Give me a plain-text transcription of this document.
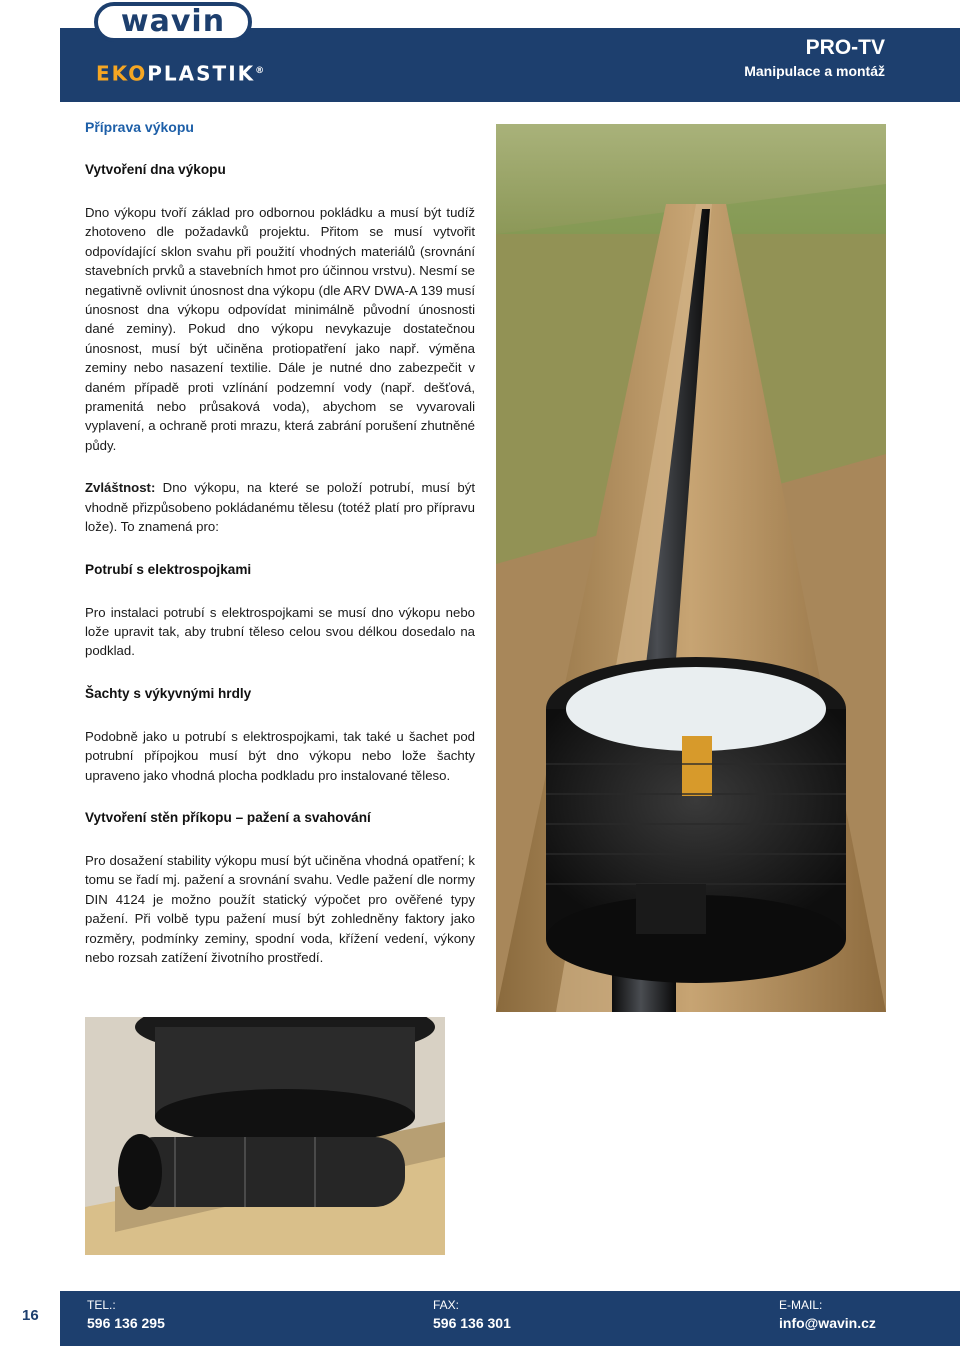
wavin
EKOPLASTIK®
PRO-TV
Manipulace a montáž
Příprava výkopu
Vytvoření dna výkopu

Dno výkopu tvoří základ pro odbornou pokládku a musí být tudíž zhotoveno dle požadavků projektu. Přitom se musí vytvořit odpovídající sklon svahu při použití vhodných materiálů (srovnání stavebních prvků a stavebních hmot pro účinnou vrstvu). Nesmí se negativně ovlivnit únosnost dna výkopu (dle ARV DWA-A 139 musí únosnost dna výkopu odpovídat minimálně původní únosnosti dané zeminy). Pokud dno výkopu nevykazuje dostatečnou únosnost, musí být učiněna protiopatření jako např. výměna zeminy nebo nasazení textilie. Dále je nutné dno zabezpečit v daném případě proti vzlínání podzemní vody (např. dešťová, pramenitá nebo průsaková voda), abychom se vyvarovali vyplavení, a ochraně proti mrazu, která zabrání porušení zhutněné půdy.

Zvláštnost: Dno výkopu, na které se položí potrubí, musí být vhodně přizpůsobeno pokládanému tělesu (totéž platí pro přípravu lože). To znamená pro:

Potrubí s elektrospojkami

Pro instalaci potrubí s elektrospojkami se musí dno výkopu nebo lože upravit tak, aby trubní těleso celou svou délkou dosedalo na podklad.

Šachty s výkyvnými hrdly

Podobně jako u potrubí s elektrospojkami, tak také u šachet pod potrubní přípojkou musí být dno výkopu nebo lože šachty upraveno jako vhodná plocha podkladu pro instalované těleso.

Vytvoření stěn příkopu – pažení a svahování

Pro dosažení stability výkopu musí být učiněna vhodná opatření; k tomu se řadí mj. pažení a srovnání svahu. Vedle pažení dle normy DIN 4124 je možno použít statický výpočet pro ověřené typy pažení. Při volbě typu pažení musí být zohledněny faktory jako rozměry, podmínky zeminy, spodní voda, křížení vedení, výkony nebo rozsah zatížení životního prostředí.

16
TEL.:
596 136 295
FAX:
596 136 301
E-MAIL:
info@wavin.cz
